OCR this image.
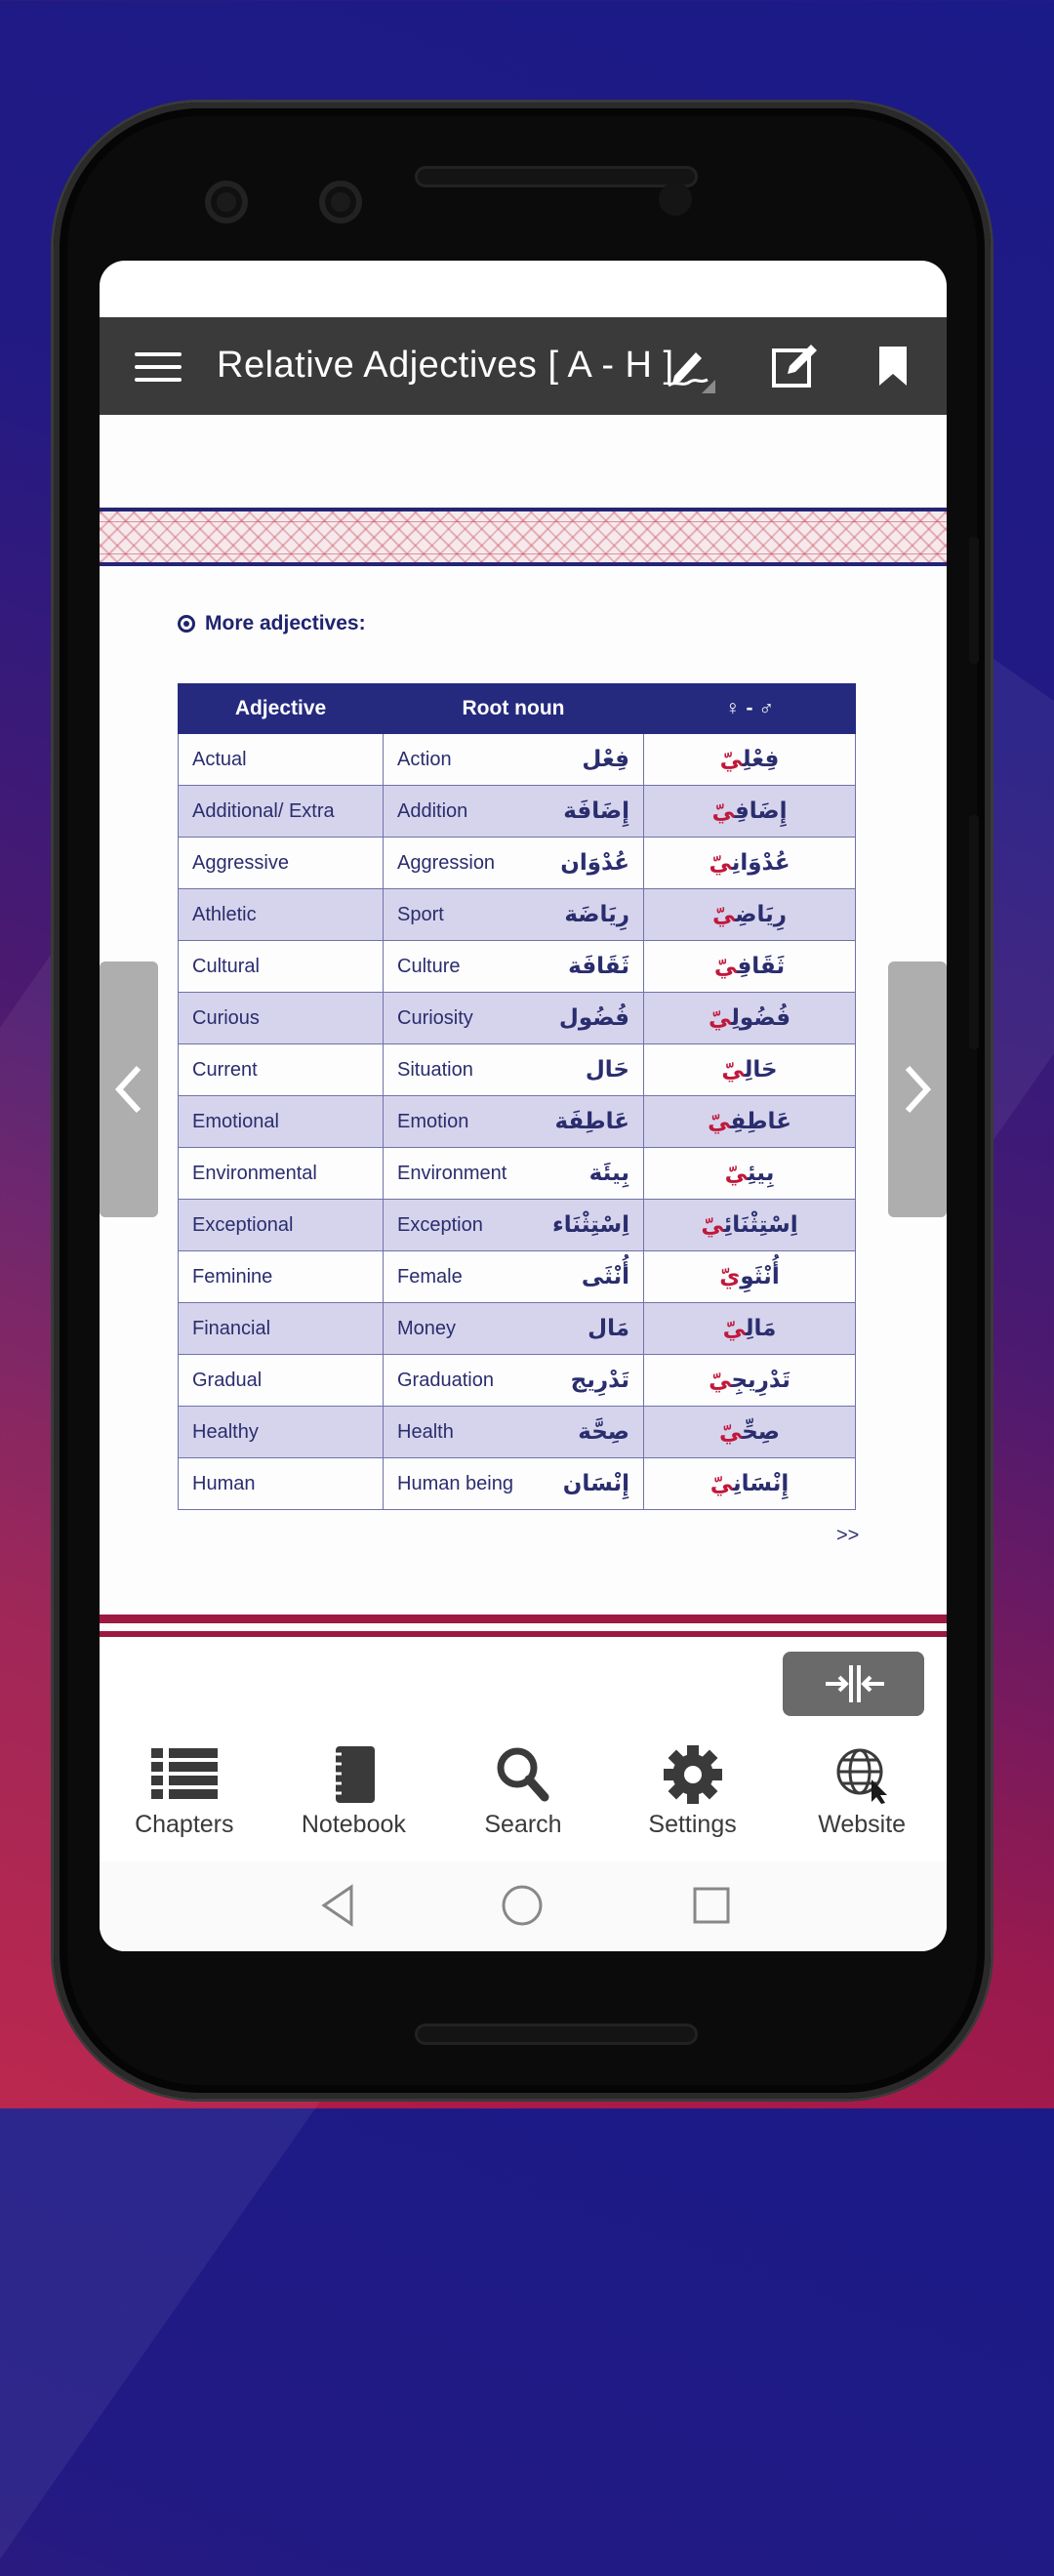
Relative Adjectives [ A - H ]
More adjectives:
Adjective	Root noun	♀ - ♂
Actual	Action فِعْل	فِعْلِيّ

Additional/ Extra	Addition إِضَافَة	إِضَافِيّ

Aggressive	Aggression عُدْوَان	عُدْوَانِيّ

Athletic	Sport رِيَاضَة	رِيَاضِيّ

Cultural	Culture ثَقَافَة	ثَقَافِيّ

Curious	Curiosity فُضُول	فُضُولِيّ

Current	Situation حَال	حَالِيّ

Emotional	Emotion عَاطِفَة	عَاطِفِيّ

Environmental	Environment بِيئَة	بِيئِيّ

Exceptional	Exception اِسْتِثْنَاء	اِسْتِثْنَائِيّ

Feminine	Female أُنْثَى	أُنْثَوِيّ

Financial	Money مَال	مَالِيّ

Gradual	Graduation تَدْرِيج	تَدْرِيجِيّ

Healthy	Health صِحَّة	صِحِّيّ

Human	Human being إِنْسَان	إِنْسَانِيّ
>>
Chapters	Notebook	Search	Settings	Website
